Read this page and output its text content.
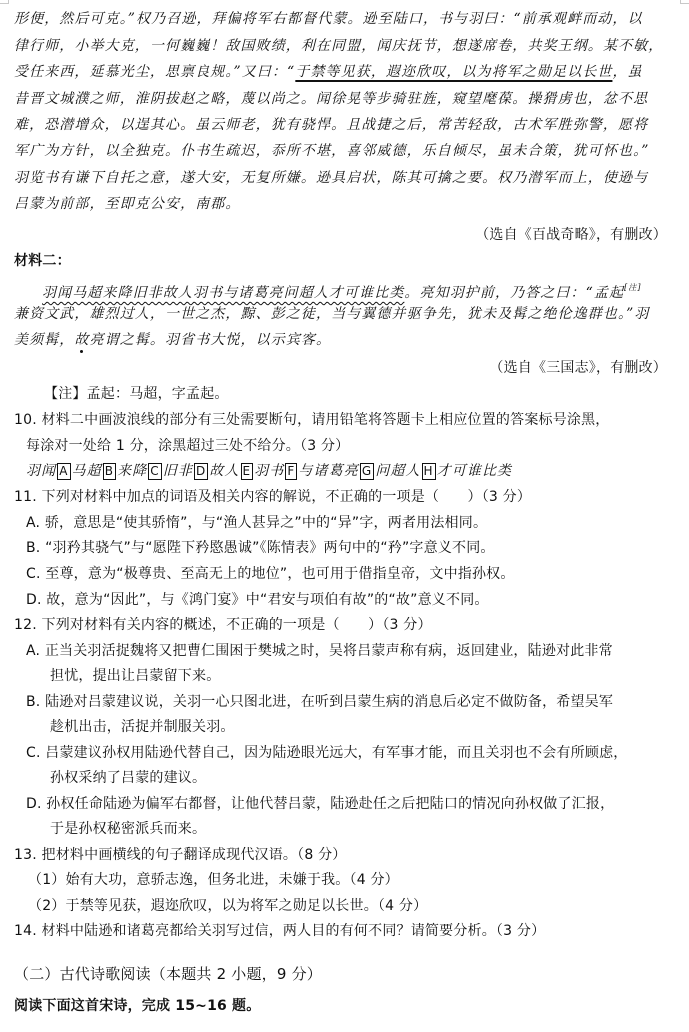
形便，然后可克。”权乃召逊，拜偏将军右都督代蒙。逊至陆口，书与羽曰：“前承观衅而动，以
律行师，小举大克，一何巍巍！敌国败绩，利在同盟，闻庆抚节，想遂席卷，共奖王纲。某不敏，
受任来西，延慕光尘，思禀良规。”又曰：“于禁等见获，遐迩欣叹，以为将军之勋足以长世，虽
昔晋文城濮之师，淮阴拔赵之略，蔑以尚之。闻徐晃等步骑驻旌，窥望麾葆。操猾虏也，忿不思
难，恐潜增众，以逞其心。虽云师老，犹有骁悍。且战捷之后，常苦轻敌，古术军胜弥警，愿将
军广为方针，以全独克。仆书生疏迟，忝所不堪，喜邻威德，乐自倾尽，虽未合策，犹可怀也。”
羽览书有谦下自托之意，遂大安，无复所嫌。逊具启状，陈其可擒之要。权乃潜军而上，使逊与
吕蒙为前部，至即克公安，南郡。
（选自《百战奇略》，有删改）
材料二：
羽闻马超来降旧非故人羽书与诸葛亮问超人才可谁比类。亮知羽护前，乃答之曰：“孟起[注]
兼资文武，雄烈过人，一世之杰，黥、彭之徒，当与翼德并驱争先，犹未及髯之绝伦逸群也。”羽
美须髯，故亮谓之髯。羽省书大悦，以示宾客。
（选自《三国志》，有删改）
【注】孟起：马超，字孟起。
10. 材料二中画波浪线的部分有三处需要断句，请用铅笔将答题卡上相应位置的答案标号涂黑，
每涂对一处给 1 分，涂黑超过三处不给分。（3 分）
羽闻 A 马超 B 来降 C 旧非 D 故人 E 羽书 F 与诸葛亮 G 问超人 H 才可谁比类
11. 下列对材料中加点的词语及相关内容的解说，不正确的一项是（　　）（3 分）
A. 骄，意思是“使其骄惰”，与“渔人甚异之”中的“异”字，两者用法相同。
B. “羽矜其骁气”与“愿陛下矜愍愚诚”《陈情表》两句中的“矜”字意义不同。
C. 至尊，意为“极尊贵、至高无上的地位”，也可用于借指皇帝，文中指孙权。
D. 故，意为“因此”，与《鸿门宴》中“君安与项伯有故”的“故”意义不同。
12. 下列对材料有关内容的概述，不正确的一项是（　　）（3 分）
A. 正当关羽活捉魏将又把曹仁围困于樊城之时，吴将吕蒙声称有病，返回建业，陆逊对此非常
担忧，提出让吕蒙留下来。
B. 陆逊对吕蒙建议说，关羽一心只图北进，在听到吕蒙生病的消息后必定不做防备，希望吴军
趁机出击，活捉并制服关羽。
C. 吕蒙建议孙权用陆逊代替自己，因为陆逊眼光远大，有军事才能，而且关羽也不会有所顾虑，
孙权采纳了吕蒙的建议。
D. 孙权任命陆逊为偏军右都督，让他代替吕蒙，陆逊赴任之后把陆口的情况向孙权做了汇报，
于是孙权秘密派兵而来。
13. 把材料中画横线的句子翻译成现代汉语。（8 分）
（1）始有大功，意骄志逸，但务北进，未嫌于我。（4 分）
（2）于禁等见获，遐迩欣叹，以为将军之勋足以长世。（4 分）
14. 材料中陆逊和诸葛亮都给关羽写过信，两人目的有何不同？请简要分析。（3 分）
（二）古代诗歌阅读（本题共 2 小题，9 分）
阅读下面这首宋诗，完成 15~16 题。
